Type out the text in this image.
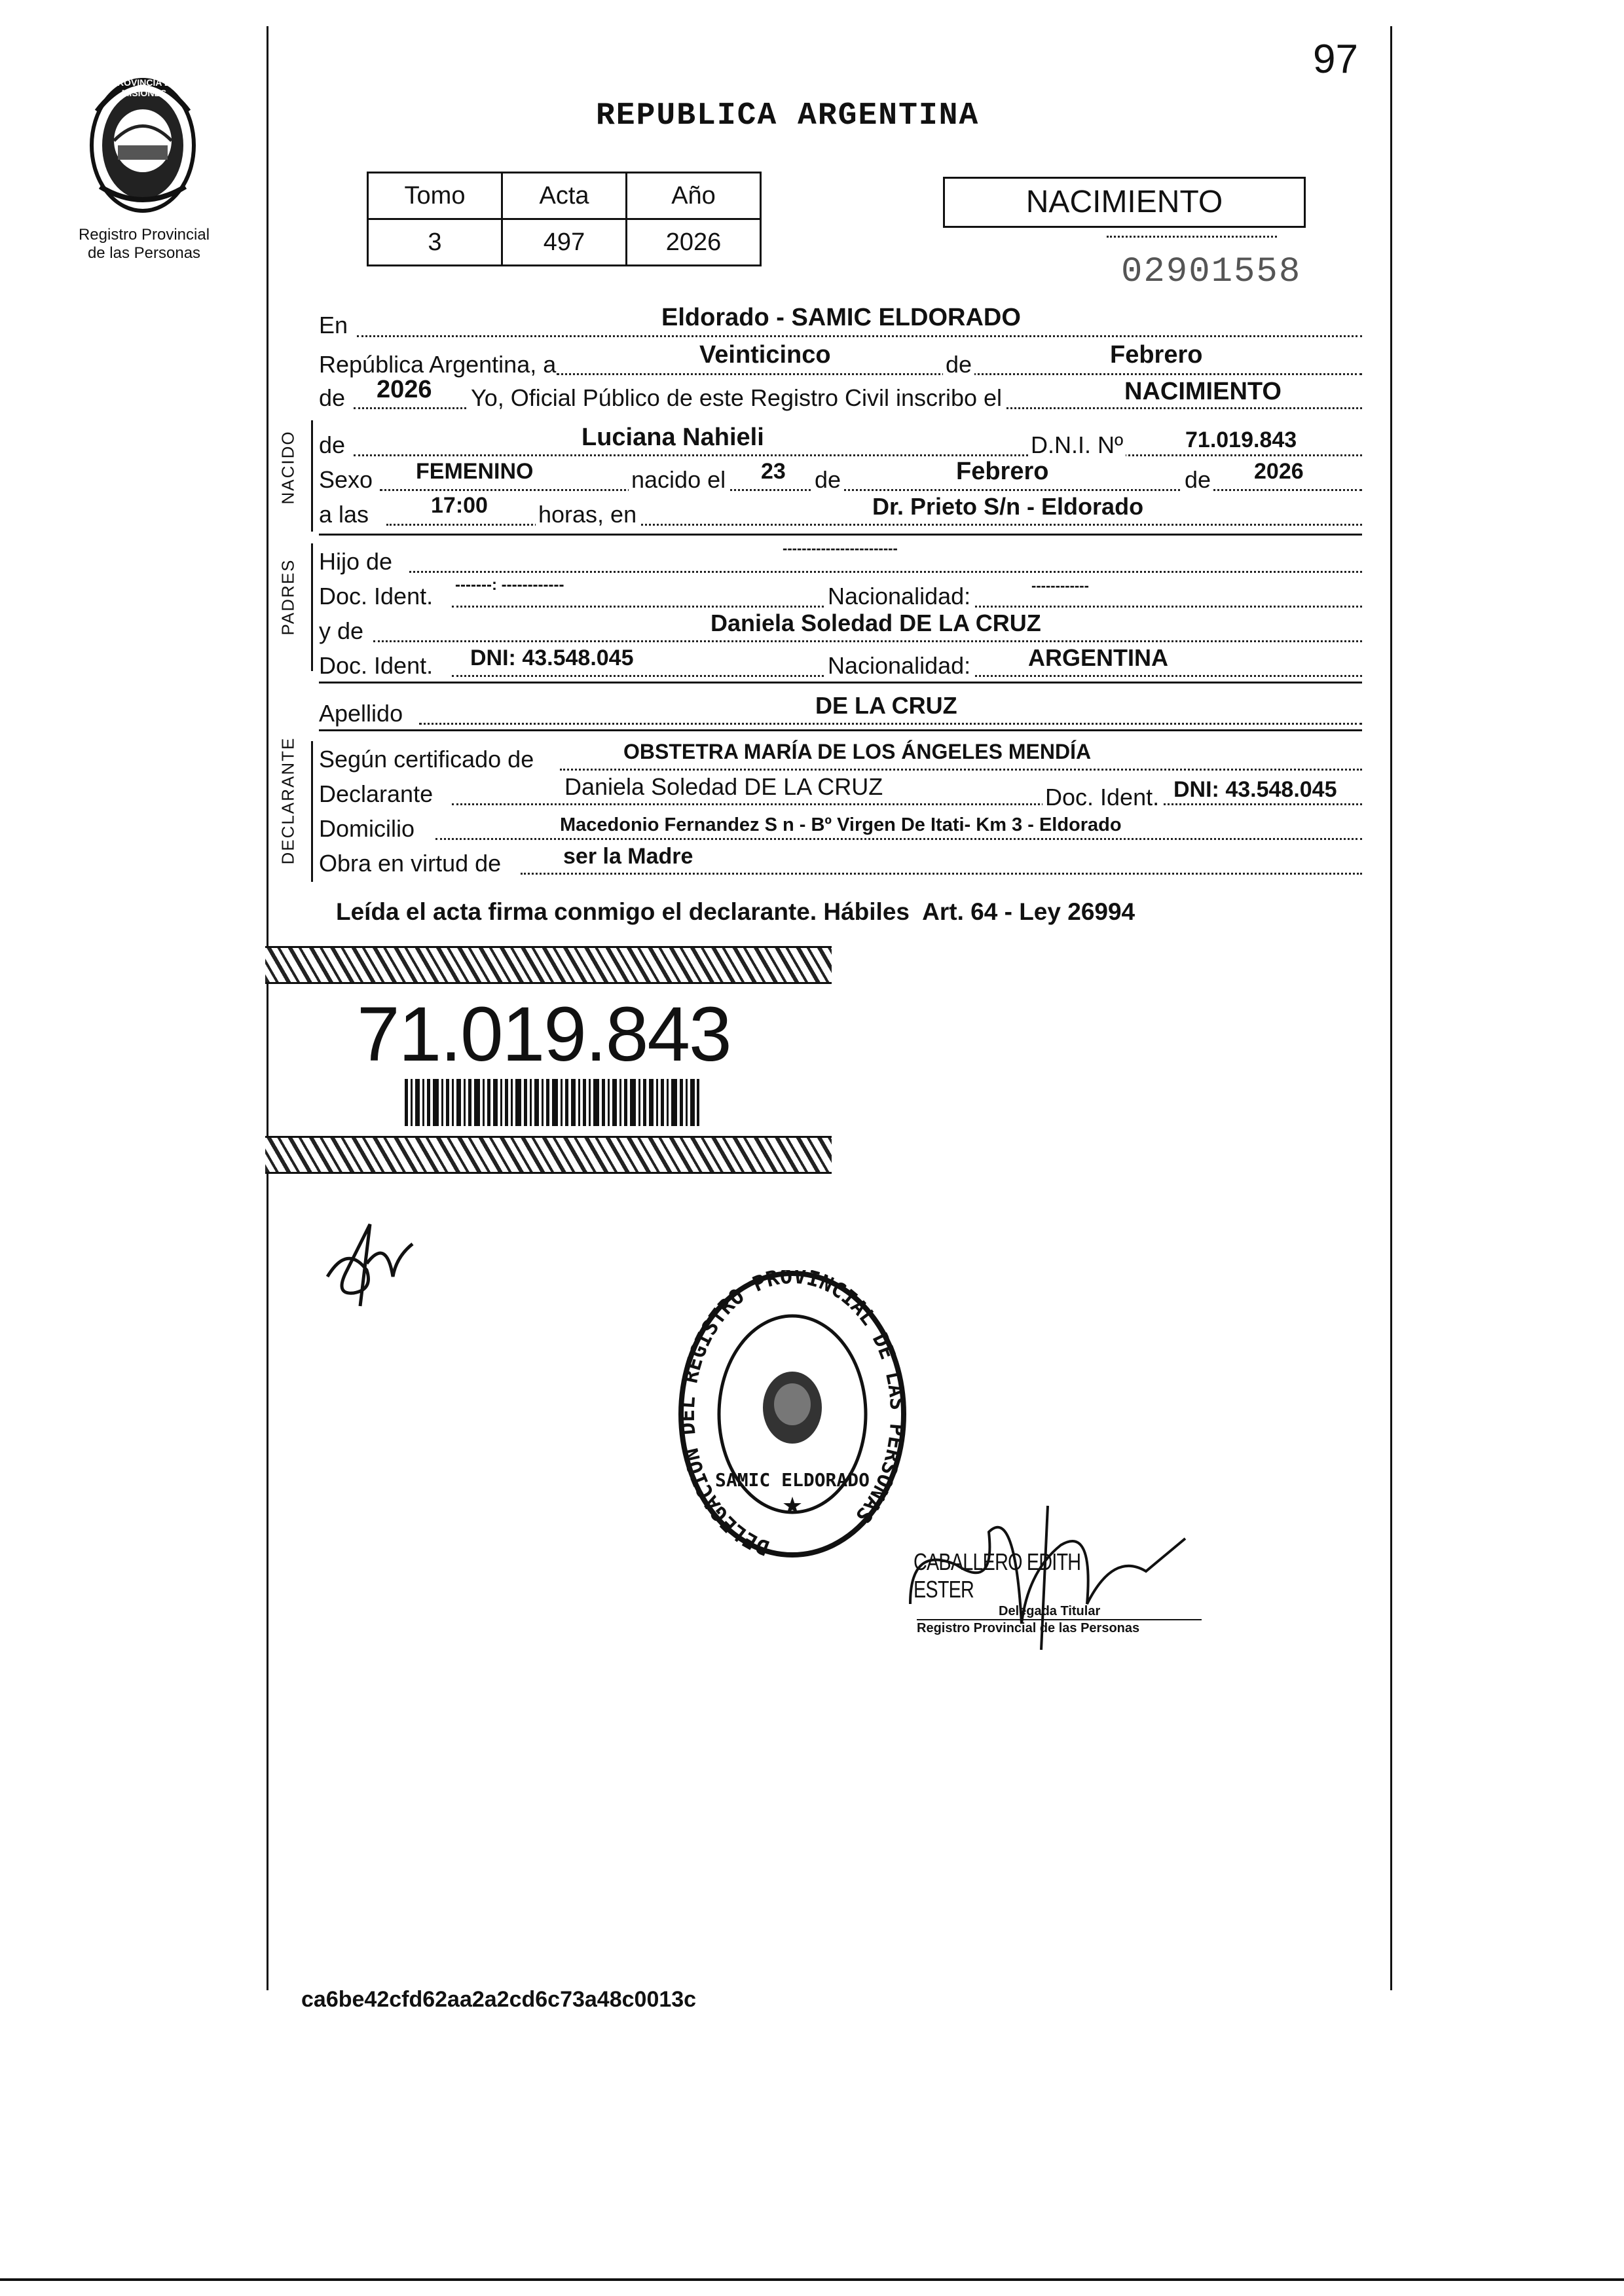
97
Registro Provincial
de las Personas
REPUBLICA ARGENTINA
Tomo	Acta	Año
3	497	2026
NACIMIENTO
02901558
En	Eldorado - SAMIC ELDORADO
República Argentina, a	Veinticinco	de	Febrero
de 2026 Yo, Oficial Público de este Registro Civil inscribo el	NACIMIENTO
NACIDO de	Luciana Nahieli	D.N.I. Nº	71.019.843
Sexo FEMENINO	nacido el 23 de	Febrero	de 2026
a las	17:00 horas, en	Dr. Prieto S/n - Eldorado
PADRES Hijo de	------------------------
Doc. Ident. -------: ------------	Nacionalidad:	------------
y de	Daniela Soledad DE LA CRUZ
Doc. Ident. DNI: 43.548.045	Nacionalidad: ARGENTINA
Apellido	DE LA CRUZ
DECLARANTE Según certificado de	OBSTETRA MARÍA DE LOS ÁNGELES MENDÍA
Declarante	Daniela Soledad DE LA CRUZ	Doc. Ident. DNI: 43.548.045
Domicilio	Macedonio Fernandez S n - Bº Virgen De Itati- Km 3 - Eldorado
Obra en virtud de	ser la Madre
Leída el acta firma conmigo el declarante. Hábiles  Art. 64 - Ley 26994
71.019.843
DELEGACION DEL REGISTRO PROVINCIAL DE LAS PERSONAS
SAMIC ELDORADO
★
CABALLERO EDITH ESTER
Delegada Titular
Registro Provincial de las Personas
ca6be42cfd62aa2a2cd6c73a48c0013c
PROVINCIA DE MISIONES
